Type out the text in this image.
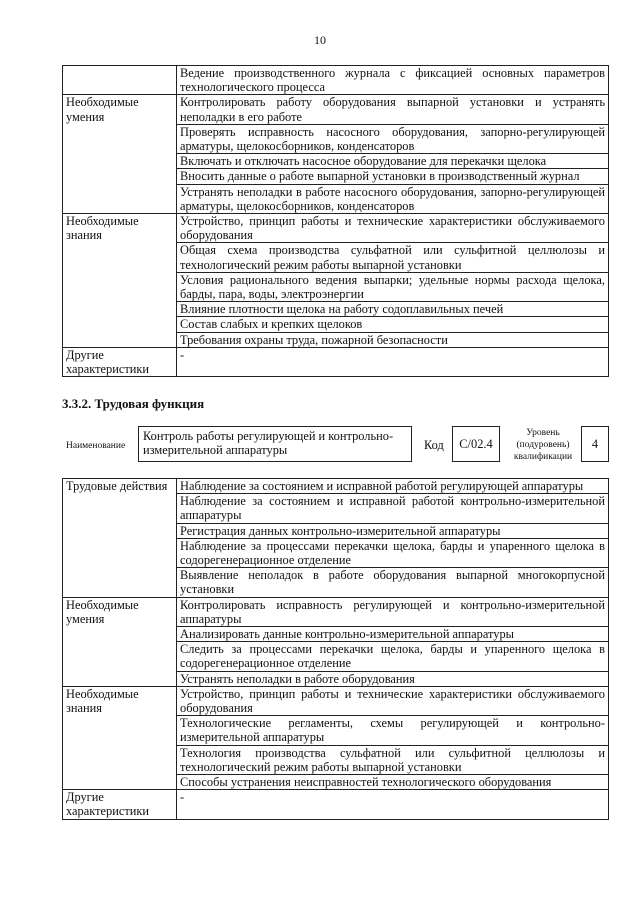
10
	Ведение производственного журнала с фиксацией основных параметров технологического процесса
Необходимые умения	Контролировать работу оборудования выпарной установки и устранять неполадки в его работе
	Проверять исправность насосного оборудования, запорно-регулирующей арматуры, щелокосборников, конденсаторов
	Включать и отключать насосное оборудование для перекачки щелока
	Вносить данные о работе выпарной установки в производственный журнал
	Устранять неполадки в работе насосного оборудования, запорно-регулирующей арматуры, щелокосборников, конденсаторов
Необходимые знания	Устройство, принцип работы и технические характеристики обслуживаемого оборудования
	Общая схема производства сульфатной или сульфитной целлюлозы и технологический режим работы выпарной установки
	Условия рационального ведения выпарки; удельные нормы расхода щелока, барды, пара, воды, электроэнергии
	Влияние плотности щелока на работу содоплавильных печей
	Состав слабых и крепких щелоков
	Требования охраны труда, пожарной безопасности
Другие характеристики	-
3.3.2. Трудовая функция
Наименование
Контроль работы регулирующей и контрольно-измерительной аппаратуры	Код	C/02.4
Уровень (подуровень) квалификации
4
Трудовые действия	Наблюдение за состоянием и исправной работой регулирующей аппаратуры
	Наблюдение за состоянием и исправной работой контрольно-измерительной аппаратуры
	Регистрация данных контрольно-измерительной аппаратуры
	Наблюдение за процессами перекачки щелока, барды и упаренного щелока в содорегенерационное отделение
	Выявление неполадок в работе оборудования выпарной многокорпусной установки
Необходимые умения	Контролировать исправность регулирующей и контрольно-измерительной аппаратуры
	Анализировать данные контрольно-измерительной аппаратуры
	Следить за процессами перекачки щелока, барды и упаренного щелока в содорегенерационное отделение
	Устранять неполадки в работе оборудования
Необходимые знания	Устройство, принцип работы и технические характеристики обслуживаемого оборудования
	Технологические регламенты, схемы регулирующей и контрольно-измерительной аппаратуры
	Технология производства сульфатной или сульфитной целлюлозы и технологический режим работы выпарной установки
	Способы устранения неисправностей технологического оборудования
Другие характеристики	-
